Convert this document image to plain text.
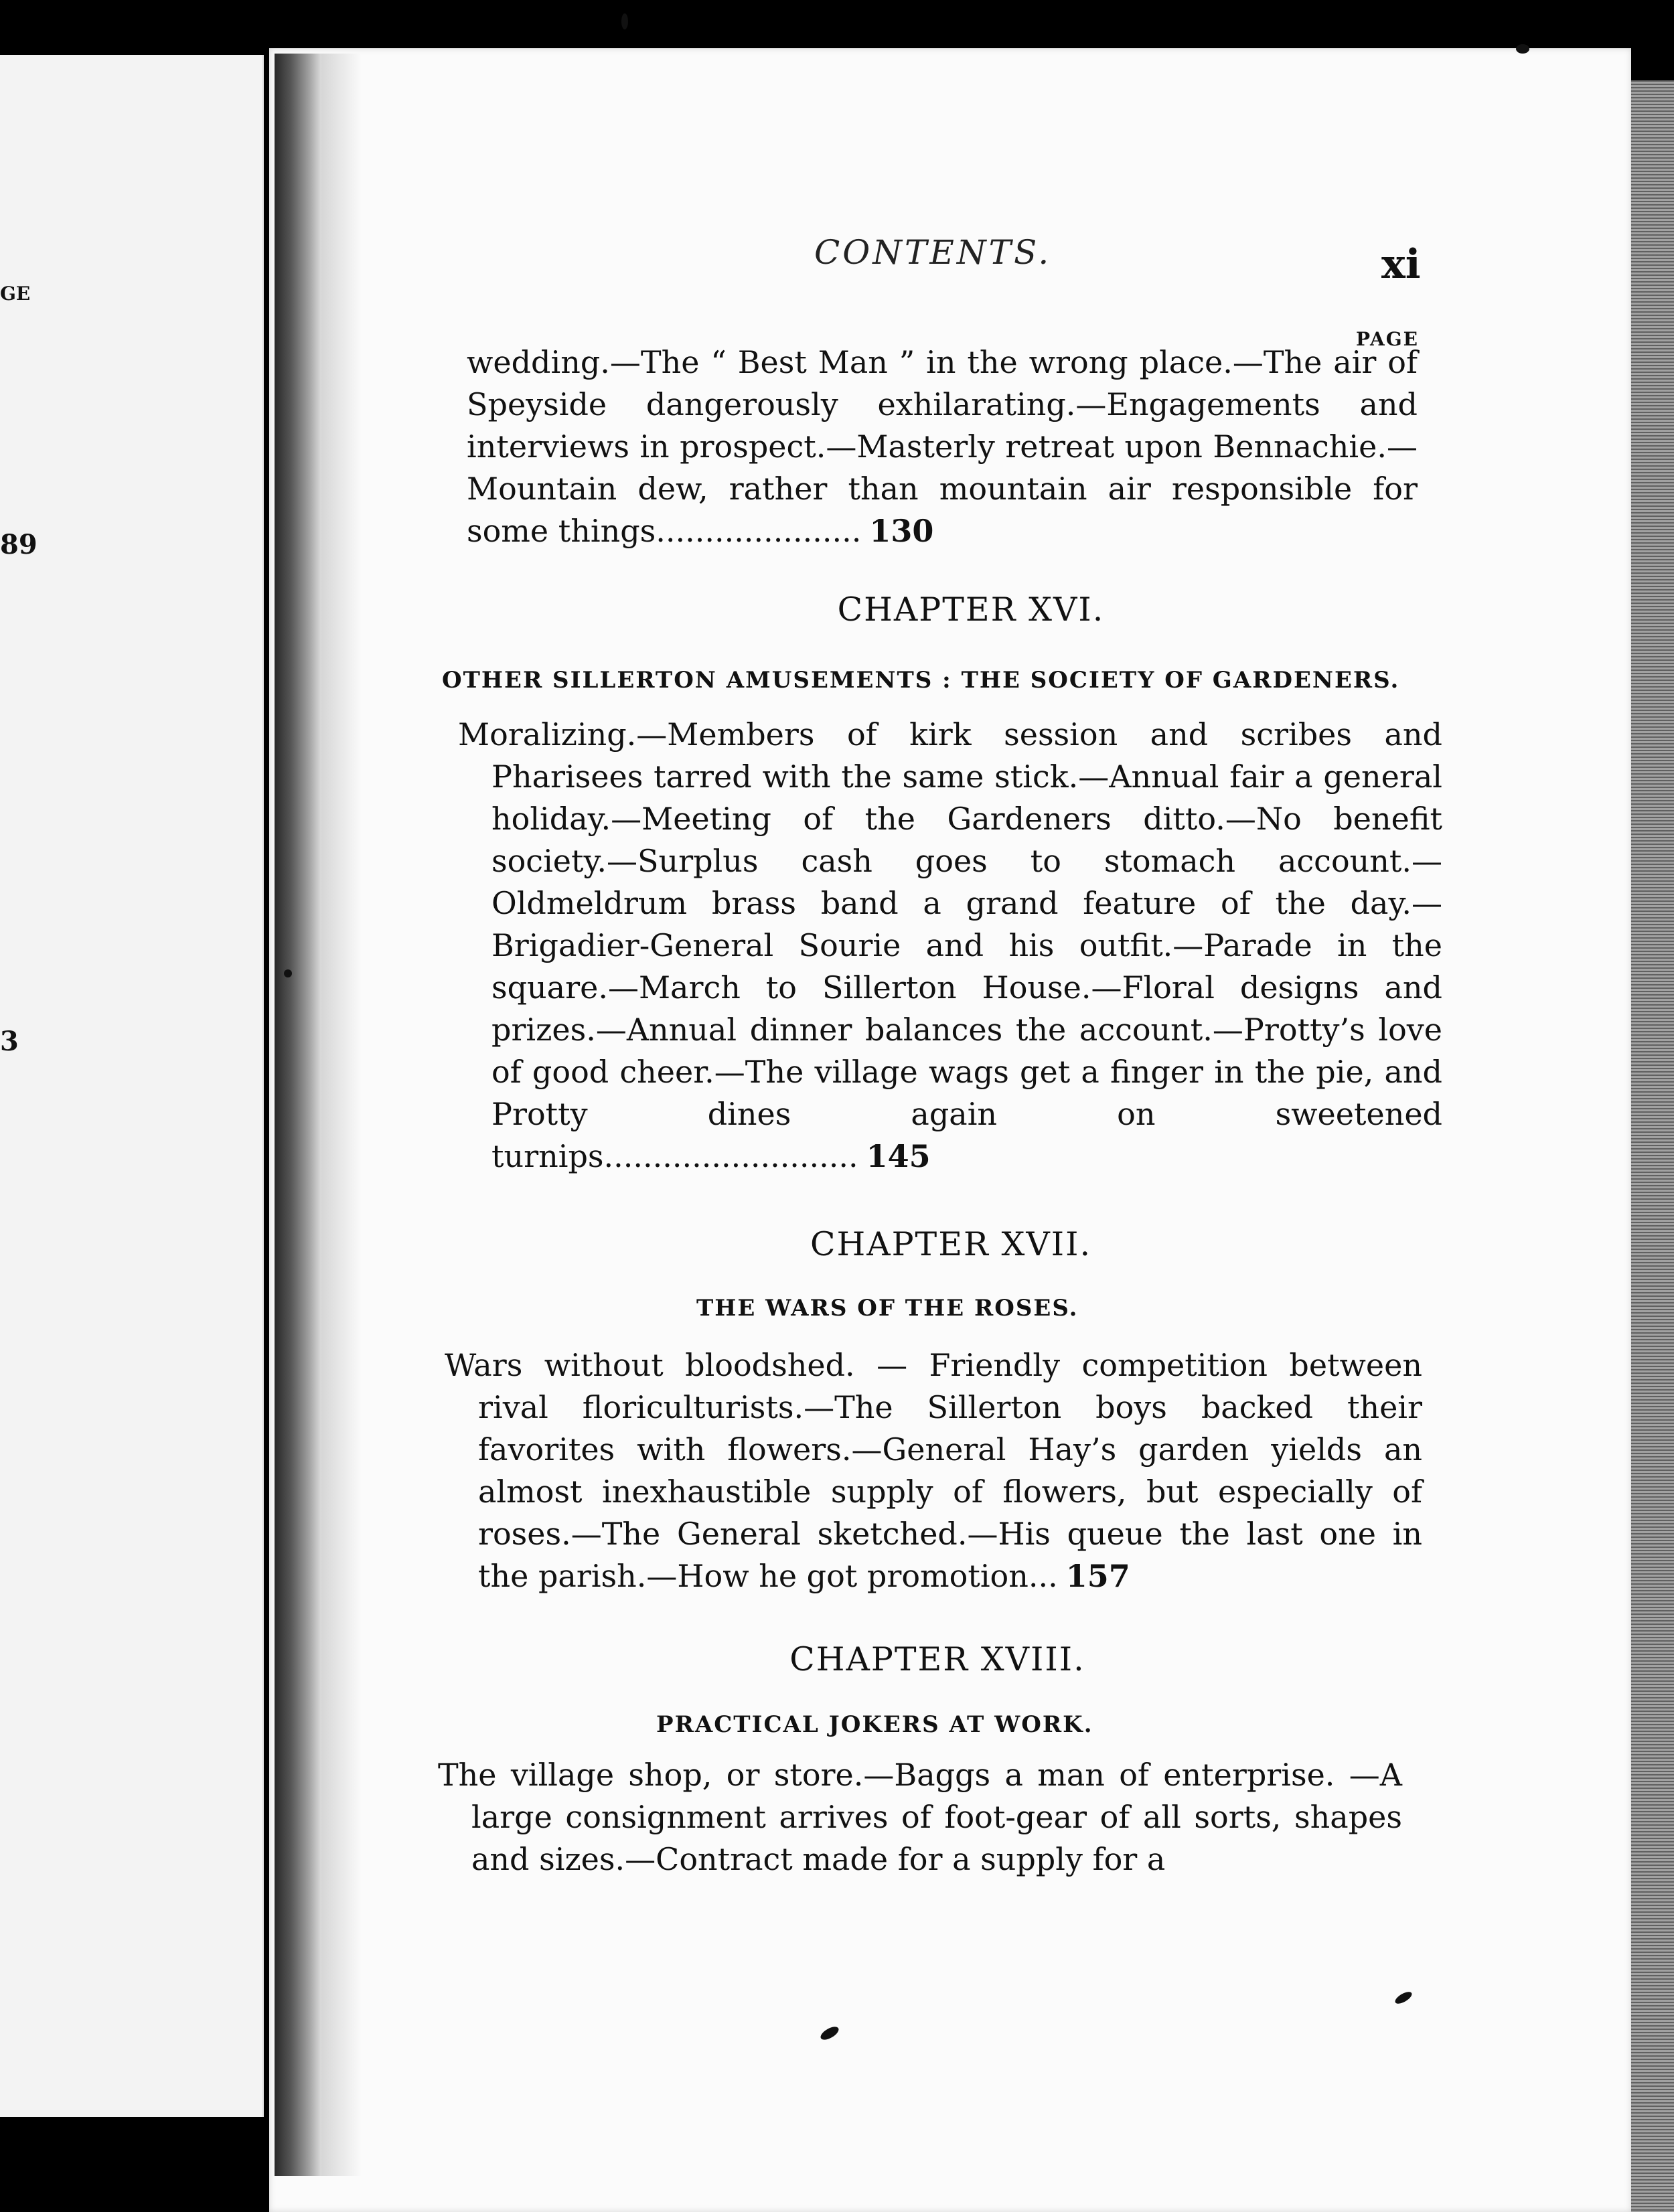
GE
89
3
CONTENTS.	xi
PAGE
wedding.—The “ Best Man ” in the wrong place.—The air of Speyside dangerously exhilarating.—Engagements and interviews in prospect.—Masterly retreat upon Bennachie.—Mountain dew, rather than mountain air responsible for some things..................... 130
CHAPTER XVI.
OTHER SILLERTON AMUSEMENTS : THE SOCIETY OF GARDENERS.
Moralizing.—Members of kirk session and scribes and Pharisees tarred with the same stick.—Annual fair a general holiday.—Meeting of the Gardeners ditto.—No benefit society.—Surplus cash goes to stomach account.—Oldmeldrum brass band a grand feature of the day.—Brigadier-General Sourie and his outfit.—Parade in the square.—March to Sillerton House.—Floral designs and prizes.—Annual dinner balances the account.—Protty’s love of good cheer.—The village wags get a finger in the pie, and Protty dines again on sweetened turnips.......................... 145
CHAPTER XVII.
THE WARS OF THE ROSES.
Wars without bloodshed. — Friendly competition between rival floriculturists.—The Sillerton boys backed their favorites with flowers.—General Hay’s garden yields an almost inexhaustible supply of flowers, but especially of roses.—The General sketched.—His queue the last one in the parish.—How he got promotion... 157
CHAPTER XVIII.
PRACTICAL JOKERS AT WORK.
The village shop, or store.—Baggs a man of enterprise. —A large consignment arrives of foot-gear of all sorts, shapes and sizes.—Contract made for a supply for a
